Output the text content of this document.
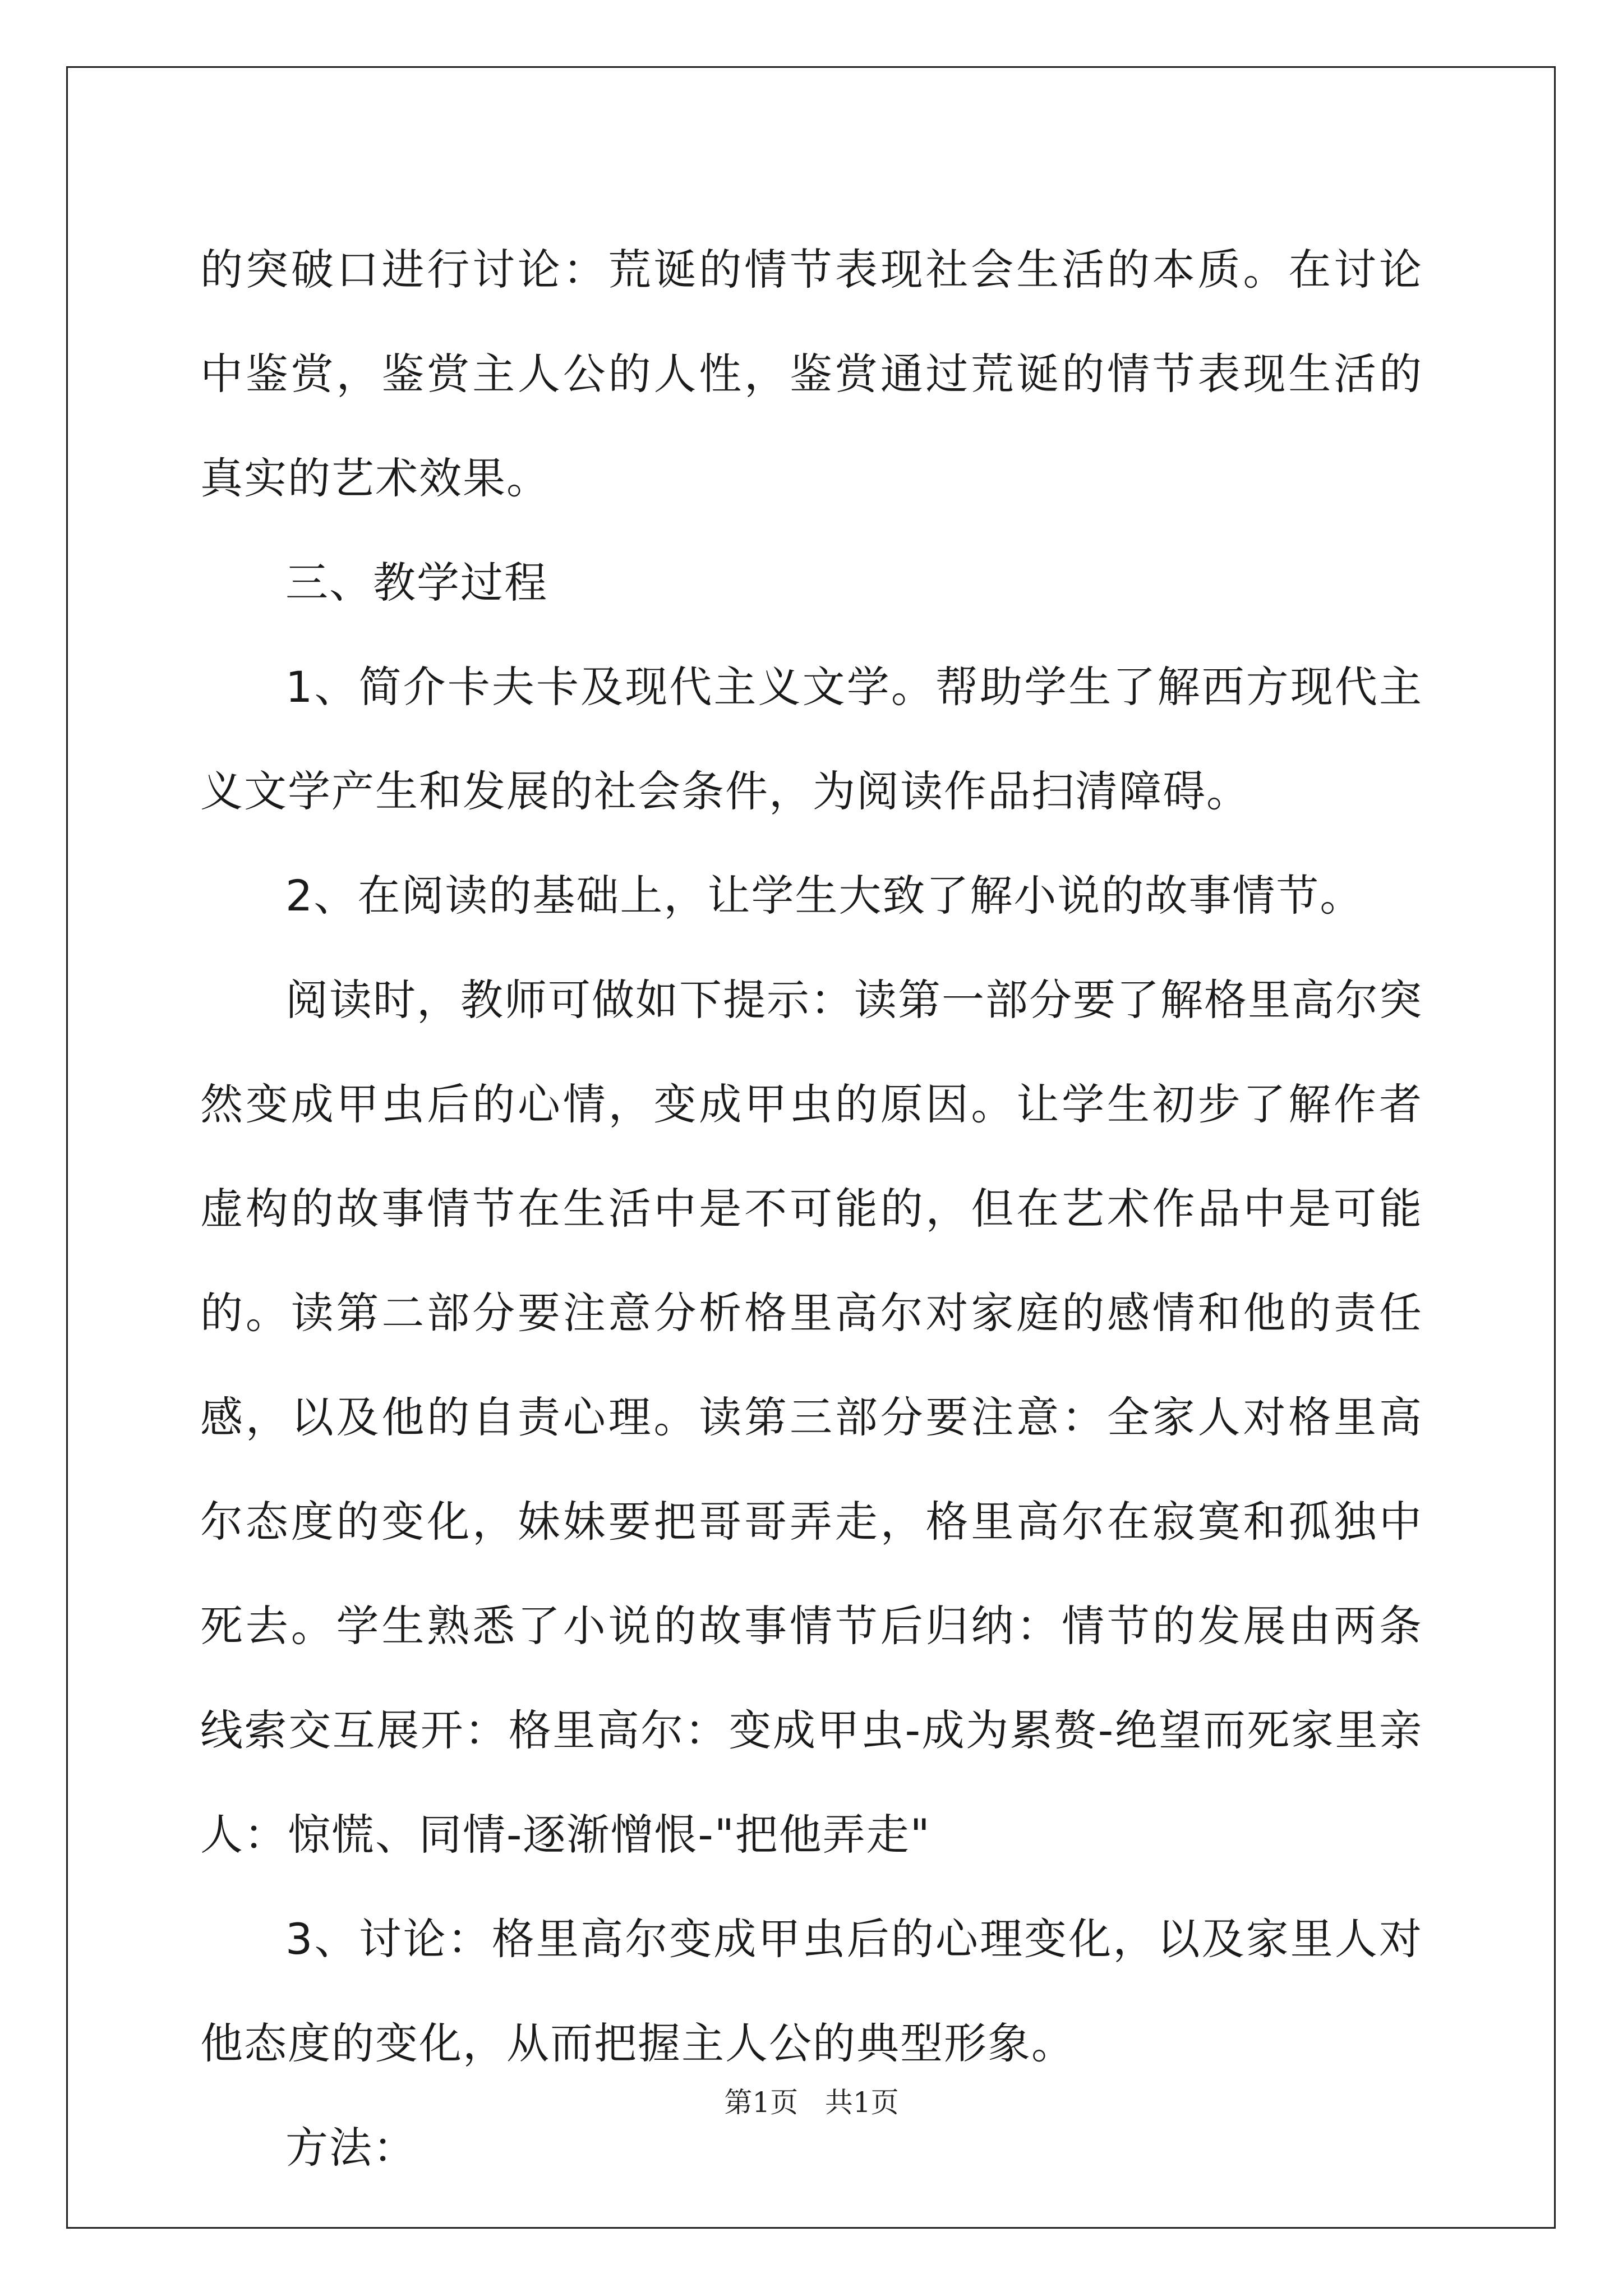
的突破口进行讨论：荒诞的情节表现社会生活的本质。在讨论中鉴赏，鉴赏主人公的人性，鉴赏通过荒诞的情节表现生活的真实的艺术效果。

三、教学过程

1、简介卡夫卡及现代主义文学。帮助学生了解西方现代主义文学产生和发展的社会条件，为阅读作品扫清障碍。

2、在阅读的基础上，让学生大致了解小说的故事情节。

阅读时，教师可做如下提示：读第一部分要了解格里高尔突然变成甲虫后的心情，变成甲虫的原因。让学生初步了解作者虚构的故事情节在生活中是不可能的，但在艺术作品中是可能的。读第二部分要注意分析格里高尔对家庭的感情和他的责任感，以及他的自责心理。读第三部分要注意：全家人对格里高尔态度的变化，妹妹要把哥哥弄走，格里高尔在寂寞和孤独中死去。学生熟悉了小说的故事情节后归纳：情节的发展由两条线索交互展开：格里高尔：变成甲虫-成为累赘-绝望而死家里亲人：惊慌、同情-逐渐憎恨-"把他弄走"

3、讨论：格里高尔变成甲虫后的心理变化，以及家里人对他态度的变化，从而把握主人公的典型形象。

方法：

第1页   共1页
